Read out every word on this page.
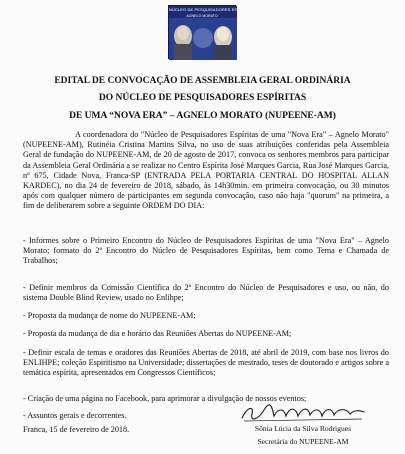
NÚCLEO DE PESQUISADORES ESPÍRITAS
AGNELO MORATO
EDITAL DE CONVOCAÇÃO DE ASSEMBLEIA GERAL ORDINÁRIA
DO NÚCLEO DE PESQUISADORES ESPÍRITAS
DE UMA “NOVA ERA” – AGNELO MORATO (NUPEENE-AM)
A coordenadora do "Núcleo de Pesquisadores Espíritas de uma "Nova Era" – Agnelo Morato" (NUPEENE-AM), Rutinéia Cristina Martins Silva, no uso de suas atribuições conferidas pela Assembleia Geral de fundação do NUPEENE-AM, de 20 de agosto de 2017, convoca os senhores membros para participar da Assembleia Geral Ordinária a se realizar no Centro Espírita José Marques Garcia, Rua José Marques Garcia, nº 675, Cidade Nova, Franca-SP (ENTRADA PELA PORTARIA CENTRAL DO HOSPITAL ALLAN KARDEC), no dia 24 de fevereiro de 2018, sábado, às 14h30min. em primeira convocação, ou 30 minutos após com qualquer número de participantes em segunda convocação, caso não haja "quorum" na primeira, a fim de deliberarem sobre a seguinte ORDEM DO DIA:
- Informes sobre o Primeiro Encontro do Núcleo de Pesquisadores Espíritas de uma "Nova Era" – Agnelo Morato; formato do 2º Encontro do Núcleo de Pesquisadores Espíritas, bem como Tema e Chamada de Trabalhos;
- Definir membros da Comissão Científica do 2º Encontro do Núcleo de Pesquisadores e uso, ou não, do sistema Double Blind Review, usado no Enlihpe;
- Proposta da mudança de nome do NUPEENE-AM;
- Proposta da mudança de dia e horário das Reuniões Abertas do NUPEENE-AM;
- Definir escala de temas e oradores das Reuniões Abertas de 2018, até abril de 2019, com base nos livros do ENLIHPE; coleção Espiritismo na Universidade; dissertações de mestrado, teses de doutorado e artigos sobre a temática espírita, apresentados em Congressos Científicos;
- Criação de uma página no Facebook, para aprimorar a divulgação de nossos eventos;
- Assuntos gerais e decorrentes.
Franca, 15 de fevereiro de 2018.	Sônia Lúcia da Silva Rodrigues
Secretária do NUPEENE-AM
